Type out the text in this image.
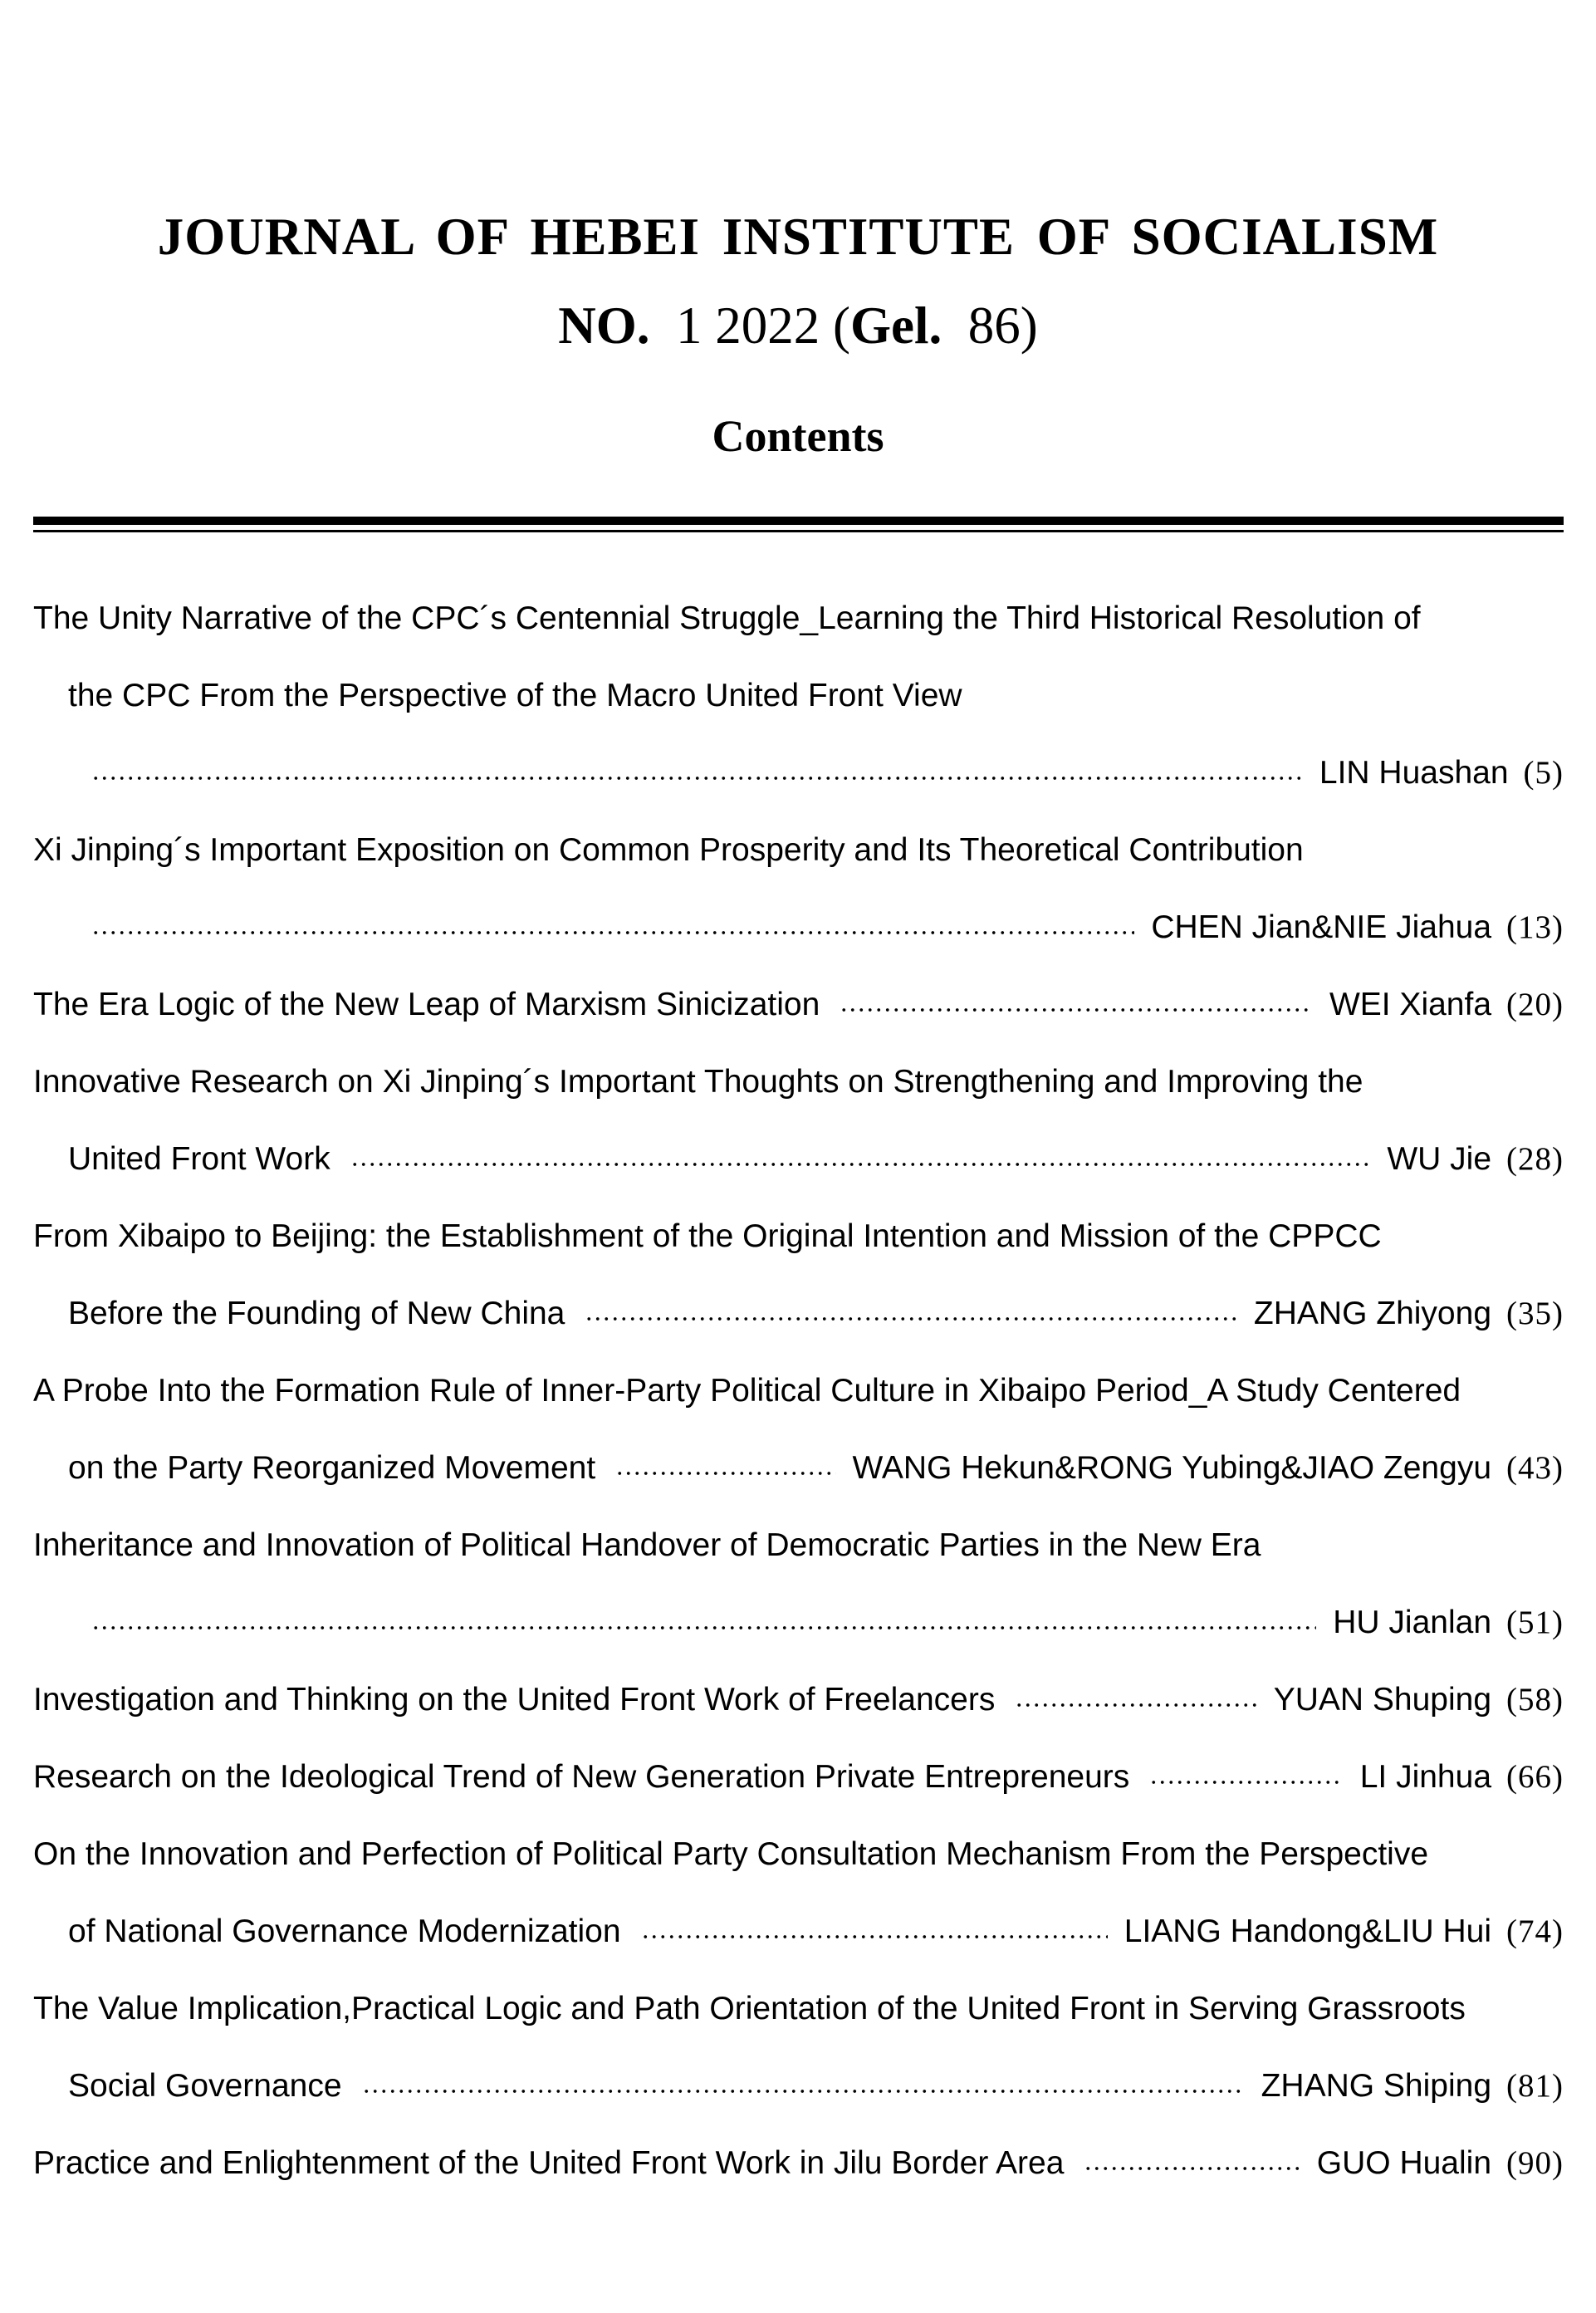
JOURNAL OF HEBEI INSTITUTE OF SOCIALISM
NO. 1 2022 (Gel. 86)
Contents
The Unity Narrative of the CPC´s Centennial Struggle_Learning the Third Historical Resolution of
the CPC From the Perspective of the Macro United Front View
LIN Huashan (5)
Xi Jinping´s Important Exposition on Common Prosperity and Its Theoretical Contribution
CHEN Jian&NIE Jiahua (13)
The Era Logic of the New Leap of Marxism Sinicization	WEI Xianfa (20)
Innovative Research on Xi Jinping´s Important Thoughts on Strengthening and Improving the
United Front Work	WU Jie (28)
From Xibaipo to Beijing: the Establishment of the Original Intention and Mission of the CPPCC
Before the Founding of New China	ZHANG Zhiyong (35)
A Probe Into the Formation Rule of Inner-Party Political Culture in Xibaipo Period_A Study Centered
on the Party Reorganized Movement	WANG Hekun&RONG Yubing&JIAO Zengyu (43)
Inheritance and Innovation of Political Handover of Democratic Parties in the New Era
HU Jianlan (51)
Investigation and Thinking on the United Front Work of Freelancers	YUAN Shuping (58)
Research on the Ideological Trend of New Generation Private Entrepreneurs	LI Jinhua (66)
On the Innovation and Perfection of Political Party Consultation Mechanism From the Perspective
of National Governance Modernization	LIANG Handong&LIU Hui (74)
The Value Implication,Practical Logic and Path Orientation of the United Front in Serving Grassroots
Social Governance	ZHANG Shiping (81)
Practice and Enlightenment of the United Front Work in Jilu Border Area	GUO Hualin (90)
